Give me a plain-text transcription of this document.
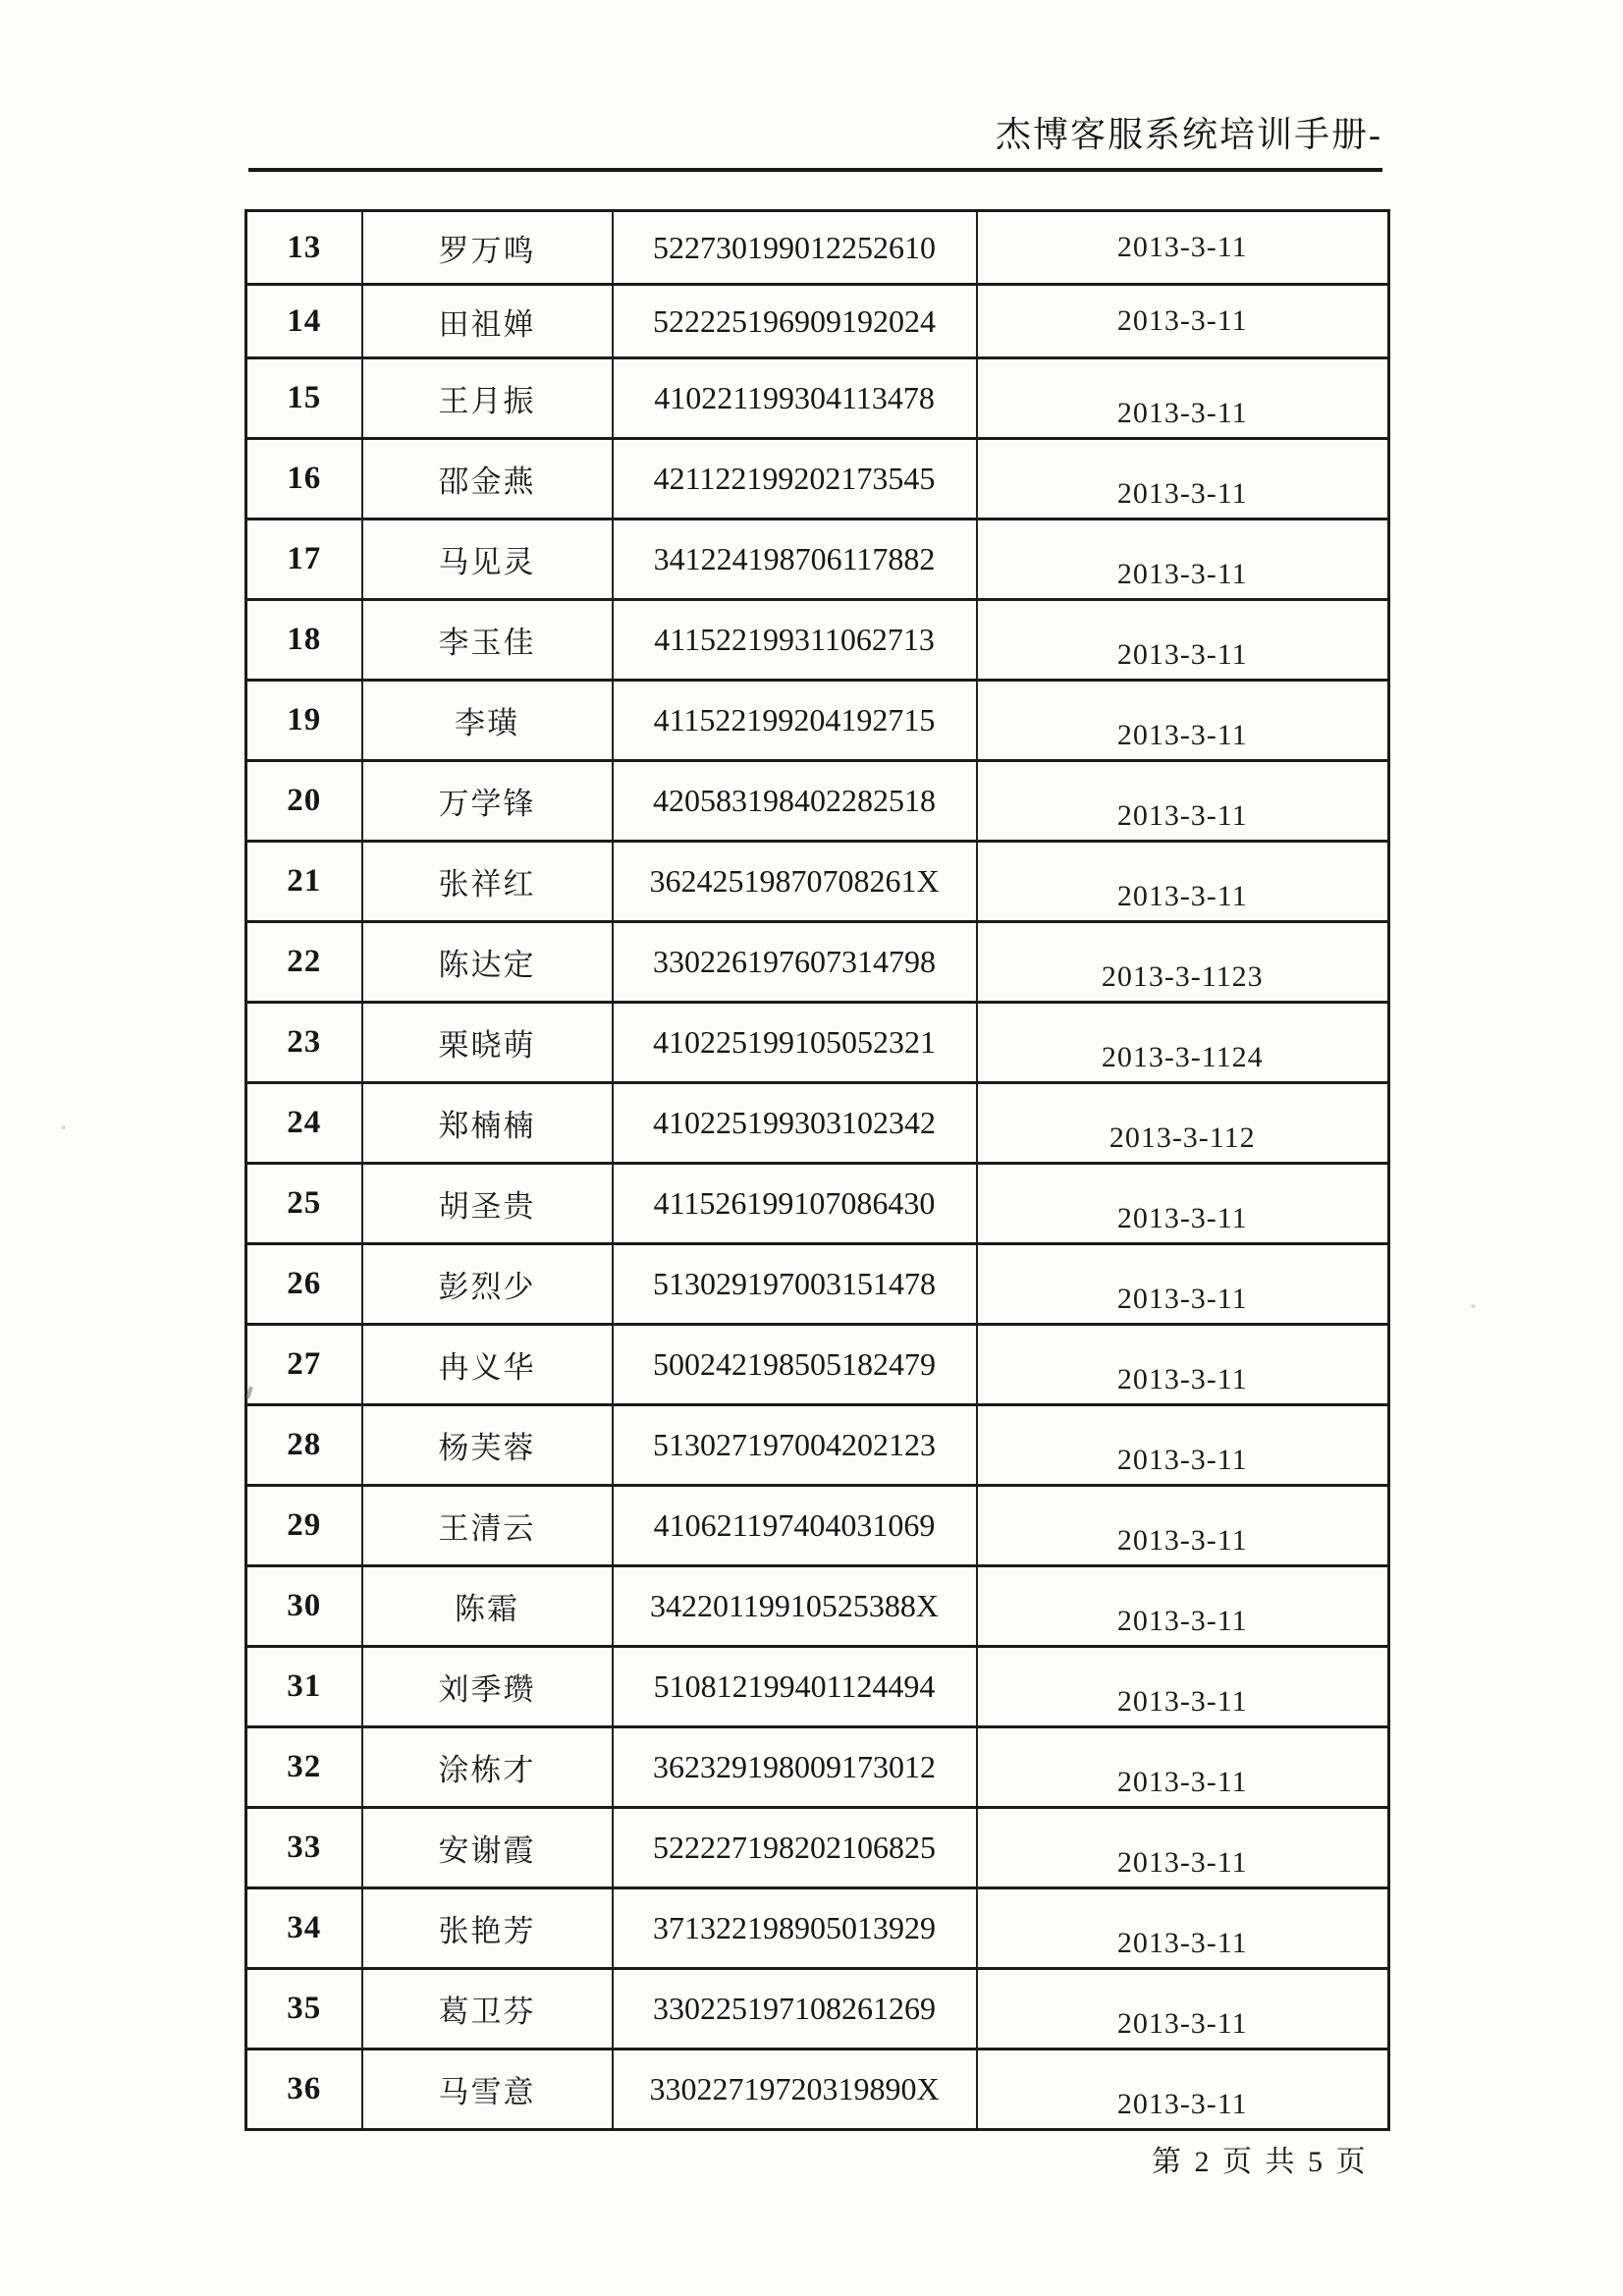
杰博客服系统培训手册-
13	罗万鸣	522730199012252610	2013-3-11
14	田祖婵	522225196909192024	2013-3-11
15	王月振	410221199304113478	2013-3-11
16	邵金燕	421122199202173545	2013-3-11
17	马见灵	341224198706117882	2013-3-11
18	李玉佳	411522199311062713	2013-3-11
19	李璜	411522199204192715	2013-3-11
20	万学锋	420583198402282518	2013-3-11
21	张祥红	36242519870708261X	2013-3-11
22	陈达定	330226197607314798	2013-3-1123
23	栗晓萌	410225199105052321	2013-3-1124
24	郑楠楠	410225199303102342	2013-3-112
25	胡圣贵	411526199107086430	2013-3-11
26	彭烈少	513029197003151478	2013-3-11
27	冉义华	500242198505182479	2013-3-11
28	杨芙蓉	513027197004202123	2013-3-11
29	王清云	410621197404031069	2013-3-11
30	陈霜	34220119910525388X	2013-3-11
31	刘季瓒	510812199401124494	2013-3-11
32	涂栋才	362329198009173012	2013-3-11
33	安谢霞	522227198202106825	2013-3-11
34	张艳芳	371322198905013929	2013-3-11
35	葛卫芬	330225197108261269	2013-3-11
36	马雪意	33022719720319890X	2013-3-11
第 2 页 共 5 页
